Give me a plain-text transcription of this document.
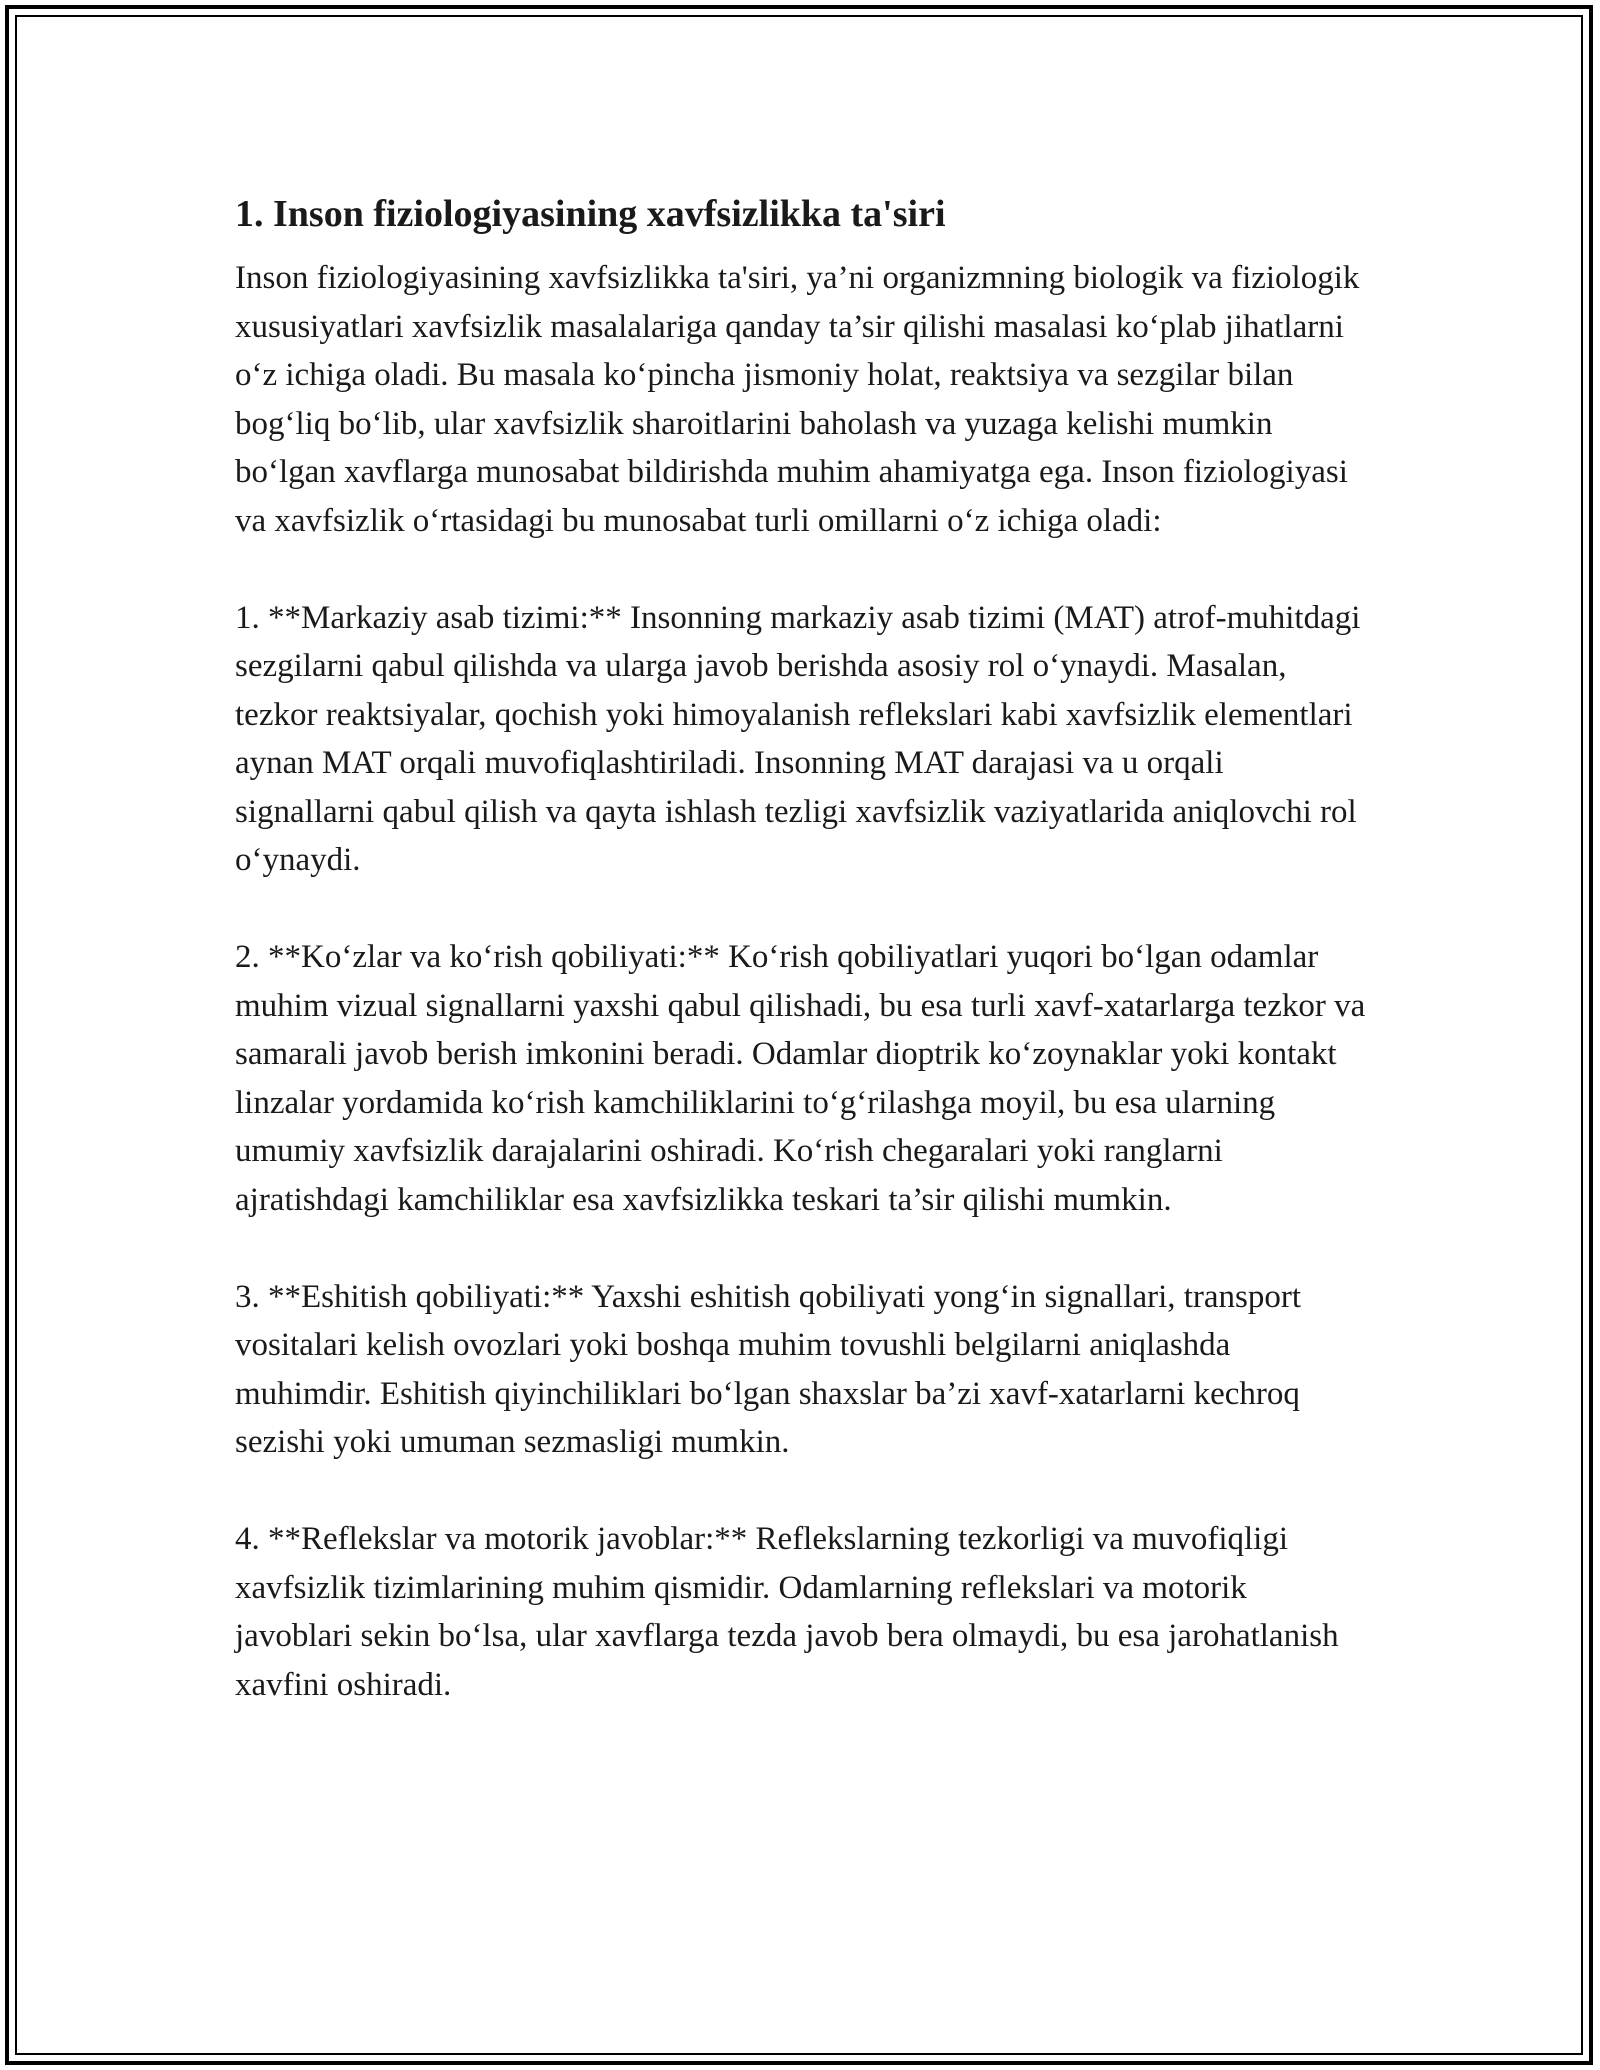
1. Inson fiziologiyasining xavfsizlikka ta'siri

Inson fiziologiyasining xavfsizlikka ta'siri, ya’ni organizmning biologik va fiziologik xususiyatlari xavfsizlik masalalariga qanday ta’sir qilishi masalasi ko‘plab jihatlarni o‘z ichiga oladi. Bu masala ko‘pincha jismoniy holat, reaktsiya va sezgilar bilan bog‘liq bo‘lib, ular xavfsizlik sharoitlarini baholash va yuzaga kelishi mumkin bo‘lgan xavflarga munosabat bildirishda muhim ahamiyatga ega. Inson fiziologiyasi va xavfsizlik o‘rtasidagi bu munosabat turli omillarni o‘z ichiga oladi:

1. **Markaziy asab tizimi:** Insonning markaziy asab tizimi (MAT) atrof-muhitdagi sezgilarni qabul qilishda va ularga javob berishda asosiy rol o‘ynaydi. Masalan, tezkor reaktsiyalar, qochish yoki himoyalanish reflekslari kabi xavfsizlik elementlari aynan MAT orqali muvofiqlashtiriladi. Insonning MAT darajasi va u orqali signallarni qabul qilish va qayta ishlash tezligi xavfsizlik vaziyatlarida aniqlovchi rol o‘ynaydi.

2. **Ko‘zlar va ko‘rish qobiliyati:** Ko‘rish qobiliyatlari yuqori bo‘lgan odamlar muhim vizual signallarni yaxshi qabul qilishadi, bu esa turli xavf-xatarlarga tezkor va samarali javob berish imkonini beradi. Odamlar dioptrik ko‘zoynaklar yoki kontakt linzalar yordamida ko‘rish kamchiliklarini to‘g‘rilashga moyil, bu esa ularning umumiy xavfsizlik darajalarini oshiradi. Ko‘rish chegaralari yoki ranglarni ajratishdagi kamchiliklar esa xavfsizlikka teskari ta’sir qilishi mumkin.

3. **Eshitish qobiliyati:** Yaxshi eshitish qobiliyati yong‘in signallari, transport vositalari kelish ovozlari yoki boshqa muhim tovushli belgilarni aniqlashda muhimdir. Eshitish qiyinchiliklari bo‘lgan shaxslar ba’zi xavf-xatarlarni kechroq sezishi yoki umuman sezmasligi mumkin.

4. **Reflekslar va motorik javoblar:** Reflekslarning tezkorligi va muvofiqligi xavfsizlik tizimlarining muhim qismidir. Odamlarning reflekslari va motorik javoblari sekin bo‘lsa, ular xavflarga tezda javob bera olmaydi, bu esa jarohatlanish xavfini oshiradi.
